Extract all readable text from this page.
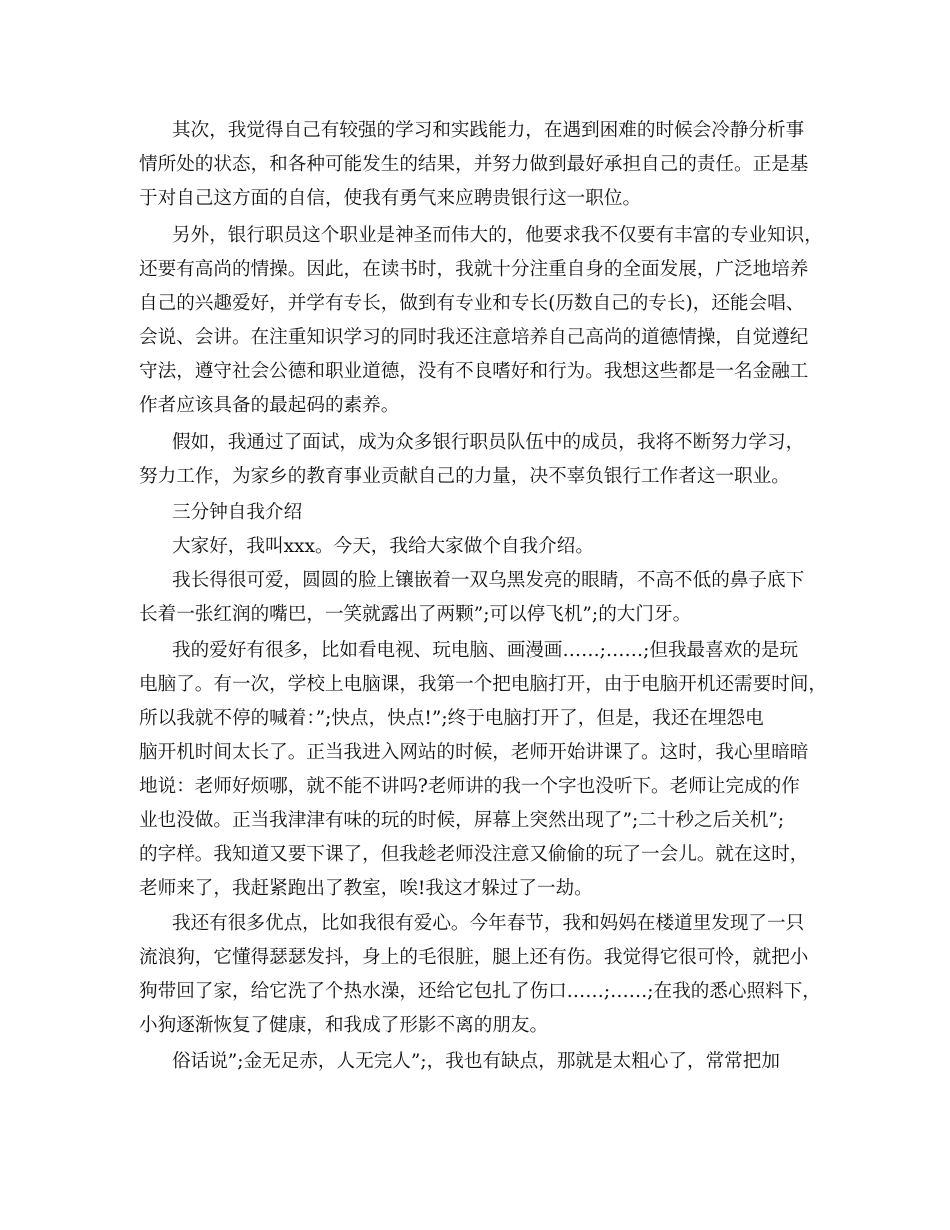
其次，我觉得自己有较强的学习和实践能力，在遇到困难的时候会冷静分析事
情所处的状态，和各种可能发生的结果，并努力做到最好承担自己的责任。正是基
于对自己这方面的自信，使我有勇气来应聘贵银行这一职位。
另外，银行职员这个职业是神圣而伟大的，他要求我不仅要有丰富的专业知识，
还要有高尚的情操。因此，在读书时，我就十分注重自身的全面发展，广泛地培养
自己的兴趣爱好，并学有专长，做到有专业和专长(历数自己的专长)，还能会唱、
会说、会讲。在注重知识学习的同时我还注意培养自己高尚的道德情操，自觉遵纪
守法，遵守社会公德和职业道德，没有不良嗜好和行为。我想这些都是一名金融工
作者应该具备的最起码的素养。
假如，我通过了面试，成为众多银行职员队伍中的成员，我将不断努力学习，
努力工作，为家乡的教育事业贡献自己的力量，决不辜负银行工作者这一职业。
三分钟自我介绍
大家好，我叫xxx。今天，我给大家做个自我介绍。
我长得很可爱，圆圆的脸上镶嵌着一双乌黑发亮的眼睛，不高不低的鼻子底下
长着一张红润的嘴巴，一笑就露出了两颗”;可以停飞机”;的大门牙。
我的爱好有很多，比如看电视、玩电脑、画漫画……;……;但我最喜欢的是玩
电脑了。有一次，学校上电脑课，我第一个把电脑打开，由于电脑开机还需要时间，
所以我就不停的喊着：”;快点，快点!”;终于电脑打开了，但是，我还在埋怨电
脑开机时间太长了。正当我进入网站的时候，老师开始讲课了。这时，我心里暗暗
地说：老师好烦哪，就不能不讲吗?老师讲的我一个字也没听下。老师让完成的作
业也没做。正当我津津有味的玩的时候，屏幕上突然出现了”;二十秒之后关机”;
的字样。我知道又要下课了，但我趁老师没注意又偷偷的玩了一会儿。就在这时，
老师来了，我赶紧跑出了教室，唉!我这才躲过了一劫。
我还有很多优点，比如我很有爱心。今年春节，我和妈妈在楼道里发现了一只
流浪狗，它懂得瑟瑟发抖，身上的毛很脏，腿上还有伤。我觉得它很可怜，就把小
狗带回了家，给它洗了个热水澡，还给它包扎了伤口……;……;在我的悉心照料下，
小狗逐渐恢复了健康，和我成了形影不离的朋友。
俗话说”;金无足赤，人无完人”;，我也有缺点，那就是太粗心了，常常把加
